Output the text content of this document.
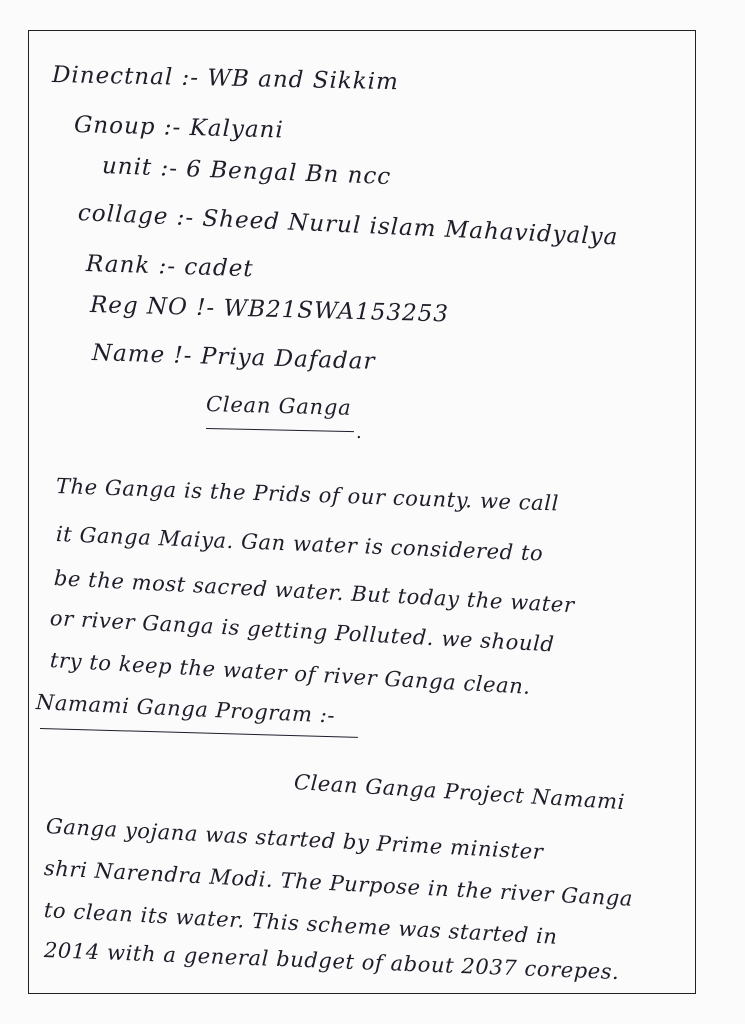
Dinectnal :- WB and Sikkim
Gnoup :- Kalyani
unit :- 6 Bengal Bn ncc
collage :- Sheed Nurul islam Mahavidyalya
Rank :- cadet
Reg NO !- WB21SWA153253
Name !- Priya Dafadar
Clean Ganga
.
The Ganga is the Prids of our county. we call
it Ganga Maiya. Gan water is considered to
be the most sacred water. But today the water
or river Ganga is getting Polluted. we should
try to keep the water of river Ganga clean.
Namami Ganga Program :-
Clean Ganga Project Namami
Ganga yojana was started by Prime minister
shri Narendra Modi. The Purpose in the river Ganga
to clean its water. This scheme was started in
2014 with a general budget of about 2037 corepes.
